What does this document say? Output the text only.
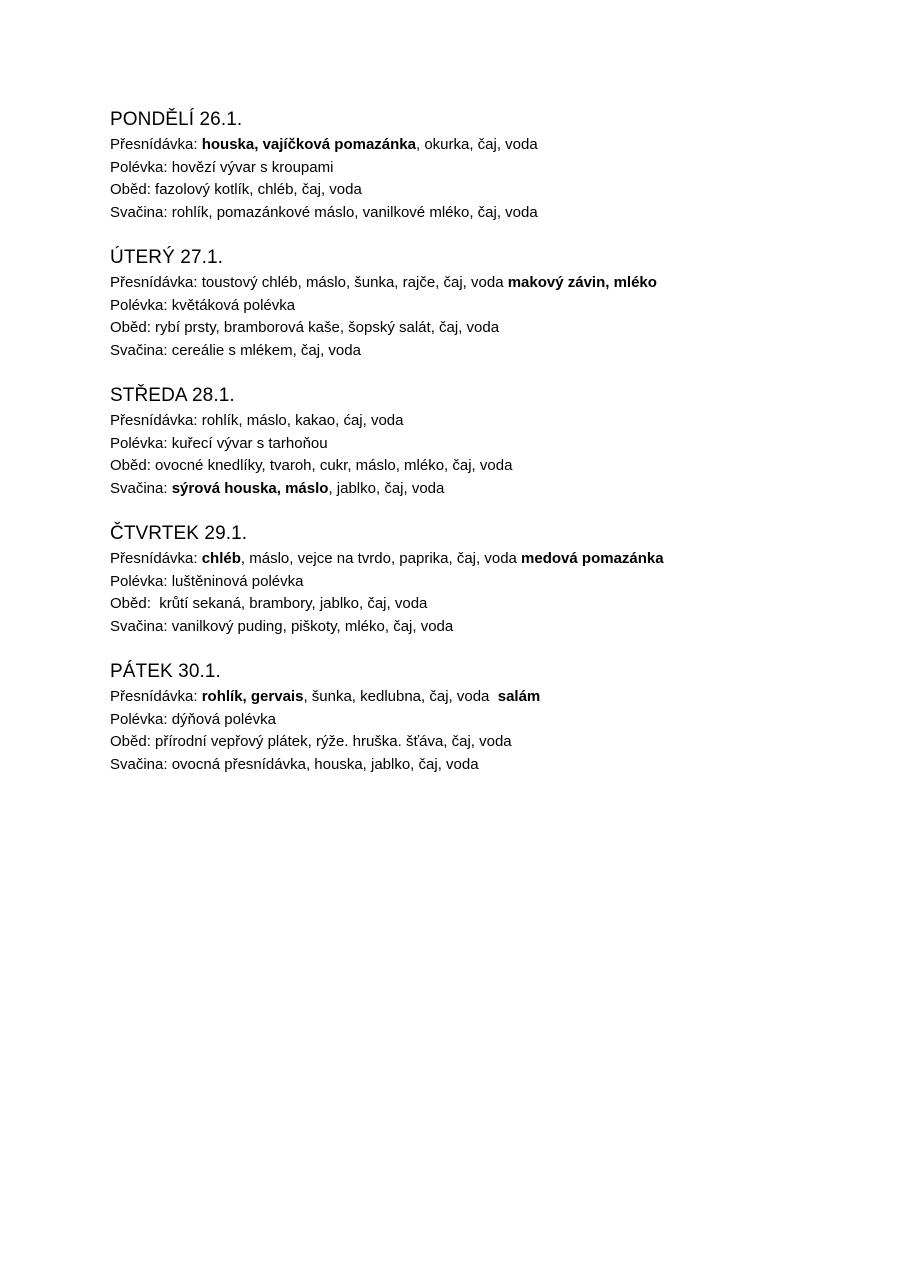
PONDĚLÍ 26.1.
Přesnídávka: houska, vajíčková pomazánka, okurka, čaj, voda
Polévka: hovězí vývar s kroupami
Oběd: fazolový kotlík, chléb, čaj, voda
Svačina: rohlík, pomazánkové máslo, vanilkové mléko, čaj, voda
ÚTERÝ 27.1.
Přesnídávka: toustový chléb, máslo, šunka, rajče, čaj, voda makový závin, mléko
Polévka: květáková polévka
Oběd: rybí prsty, bramborová kaše, šopský salát, čaj, voda
Svačina: cereálie s mlékem, čaj, voda
STŘEDA 28.1.
Přesnídávka: rohlík, máslo, kakao, ćaj, voda
Polévka: kuřecí vývar s tarhoňou
Oběd: ovocné knedlíky, tvaroh, cukr, máslo, mléko, čaj, voda
Svačina: sýrová houska, máslo, jablko, čaj, voda
ČTVRTEK 29.1.
Přesnídávka: chléb, máslo, vejce na tvrdo, paprika, čaj, voda medová pomazánka
Polévka: luštěninová polévka
Oběd:  krůtí sekaná, brambory, jablko, čaj, voda
Svačina: vanilkový puding, piškoty, mléko, čaj, voda
PÁTEK 30.1.
Přesnídávka: rohlík, gervais, šunka, kedlubna, čaj, voda  salám
Polévka: dýňová polévka
Oběd: přírodní vepřový plátek, rýže. hruška. šťáva, čaj, voda
Svačina: ovocná přesnídávka, houska, jablko, čaj, voda
